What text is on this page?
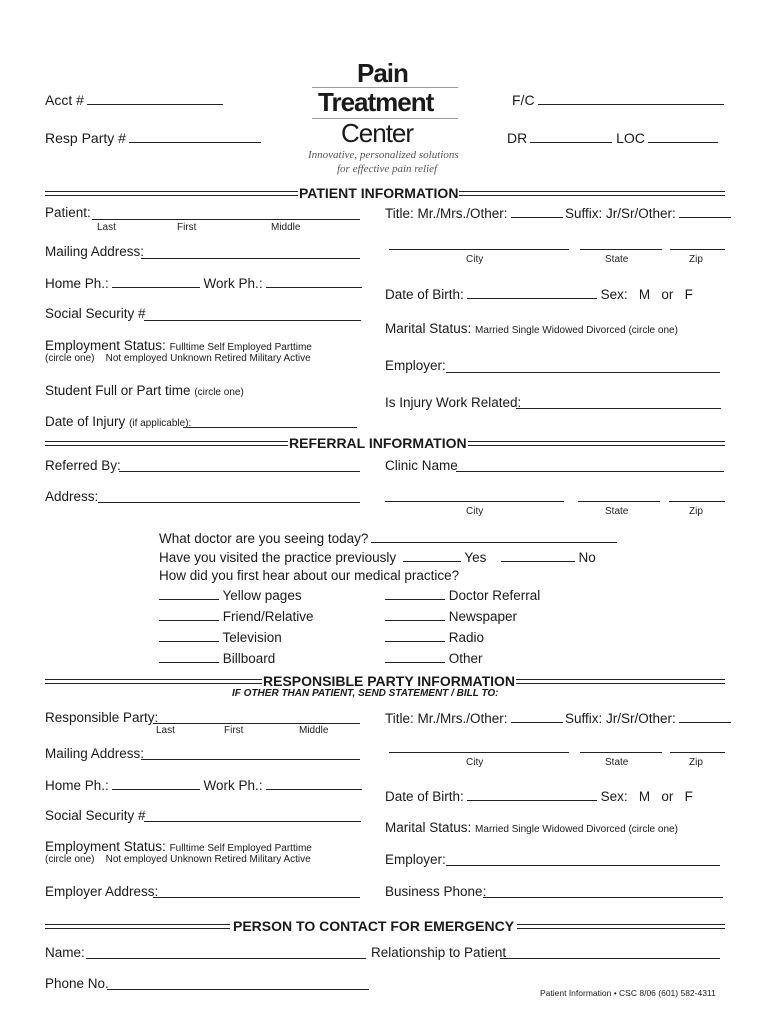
Acct #
Resp Party #
F/C
DR	LOC
Pain
Treatment
Center
Innovative, personalized solutions
for effective pain relief
PATIENT INFORMATION
Patient:
Last	First	Middle
Title: Mr./Mrs./Other:	Suffix: Jr/Sr/Other:
Mailing Address:
City	State	Zip
Home Ph.:	Work Ph.:
Date of Birth:	Sex: M or F
Social Security #
Marital Status: Married Single Widowed Divorced (circle one)
Employment Status: Fulltime Self Employed Parttime
(circle one) Not employed Unknown Retired Military Active	Employer:
Student Full or Part time (circle one)
Is Injury Work Related:
Date of Injury (if applicable):
REFERRAL INFORMATION
Referred By:	Clinic Name
Address:
City	State	Zip
What doctor are you seeing today?
Have you visited the practice previously	Yes	No
How did you first hear about our medical practice?
Yellow pages
Friend/Relative
Television
Billboard
Doctor Referral
Newspaper
Radio
Other
RESPONSIBLE PARTY INFORMATION
IF OTHER THAN PATIENT, SEND STATEMENT / BILL TO:
Responsible Party:
Last	First	Middle
Title: Mr./Mrs./Other:	Suffix: Jr/Sr/Other:
Mailing Address:
City	State	Zip
Home Ph.:	Work Ph.:
Date of Birth:	Sex: M or F
Social Security #
Marital Status: Married Single Widowed Divorced (circle one)
Employment Status: Fulltime Self Employed Parttime
(circle one) Not employed Unknown Retired Military Active	Employer:
Employer Address:	Business Phone:
PERSON TO CONTACT FOR EMERGENCY
Name:	Relationship to Patient
Phone No.
Patient Information • CSC 8/06 (601) 582-4311
